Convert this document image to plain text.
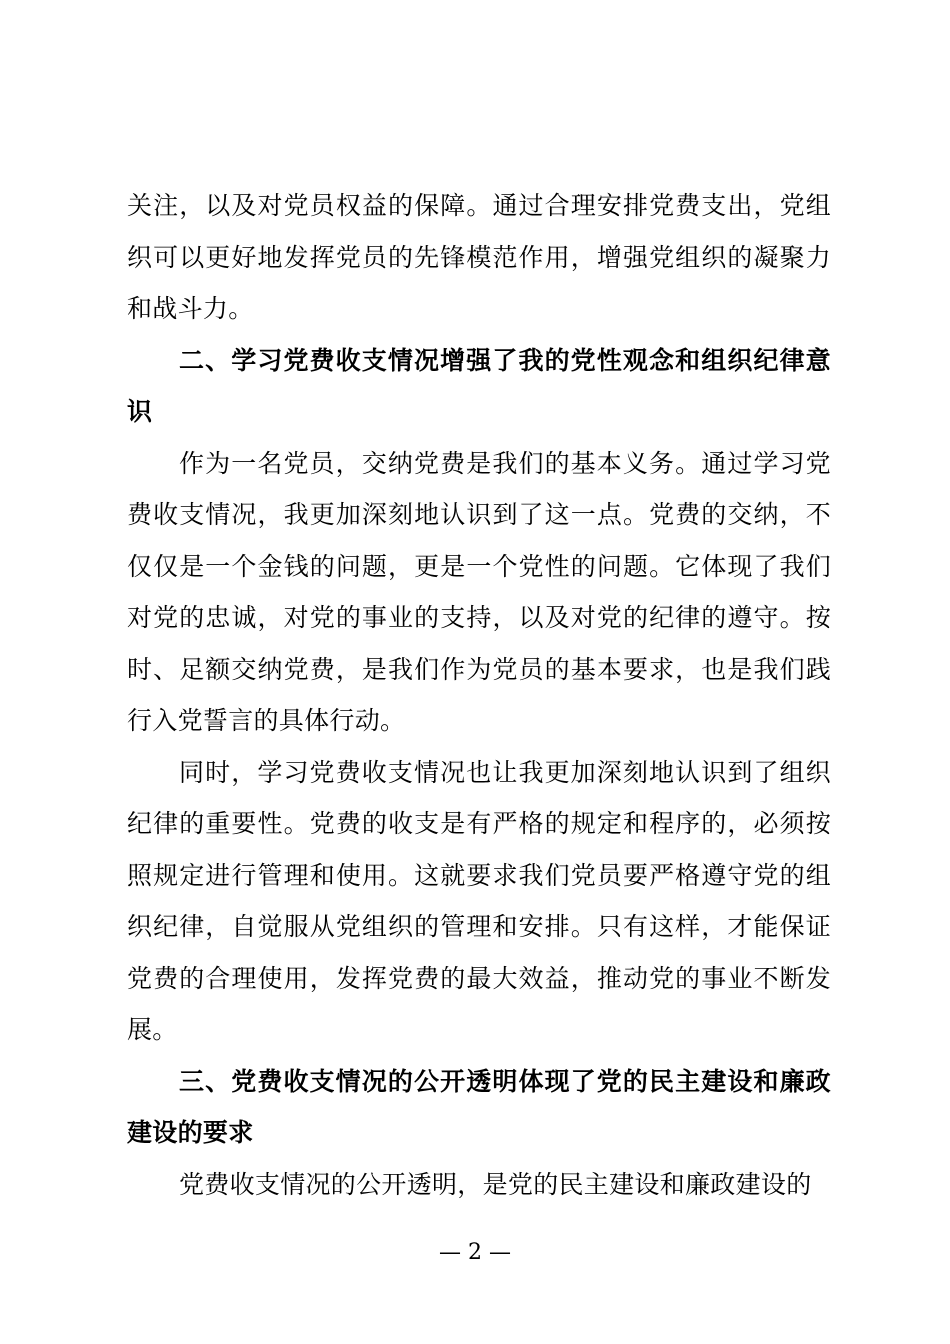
关注，以及对党员权益的保障。通过合理安排党费支出，党组织可以更好地发挥党员的先锋模范作用，增强党组织的凝聚力和战斗力。

二、学习党费收支情况增强了我的党性观念和组织纪律意识

作为一名党员，交纳党费是我们的基本义务。通过学习党费收支情况，我更加深刻地认识到了这一点。党费的交纳，不仅仅是一个金钱的问题，更是一个党性的问题。它体现了我们对党的忠诚，对党的事业的支持，以及对党的纪律的遵守。按时、足额交纳党费，是我们作为党员的基本要求，也是我们践行入党誓言的具体行动。

同时，学习党费收支情况也让我更加深刻地认识到了组织纪律的重要性。党费的收支是有严格的规定和程序的，必须按照规定进行管理和使用。这就要求我们党员要严格遵守党的组织纪律，自觉服从党组织的管理和安排。只有这样，才能保证党费的合理使用，发挥党费的最大效益，推动党的事业不断发展。

三、党费收支情况的公开透明体现了党的民主建设和廉政建设的要求

党费收支情况的公开透明，是党的民主建设和廉政建设的

— 2 —
